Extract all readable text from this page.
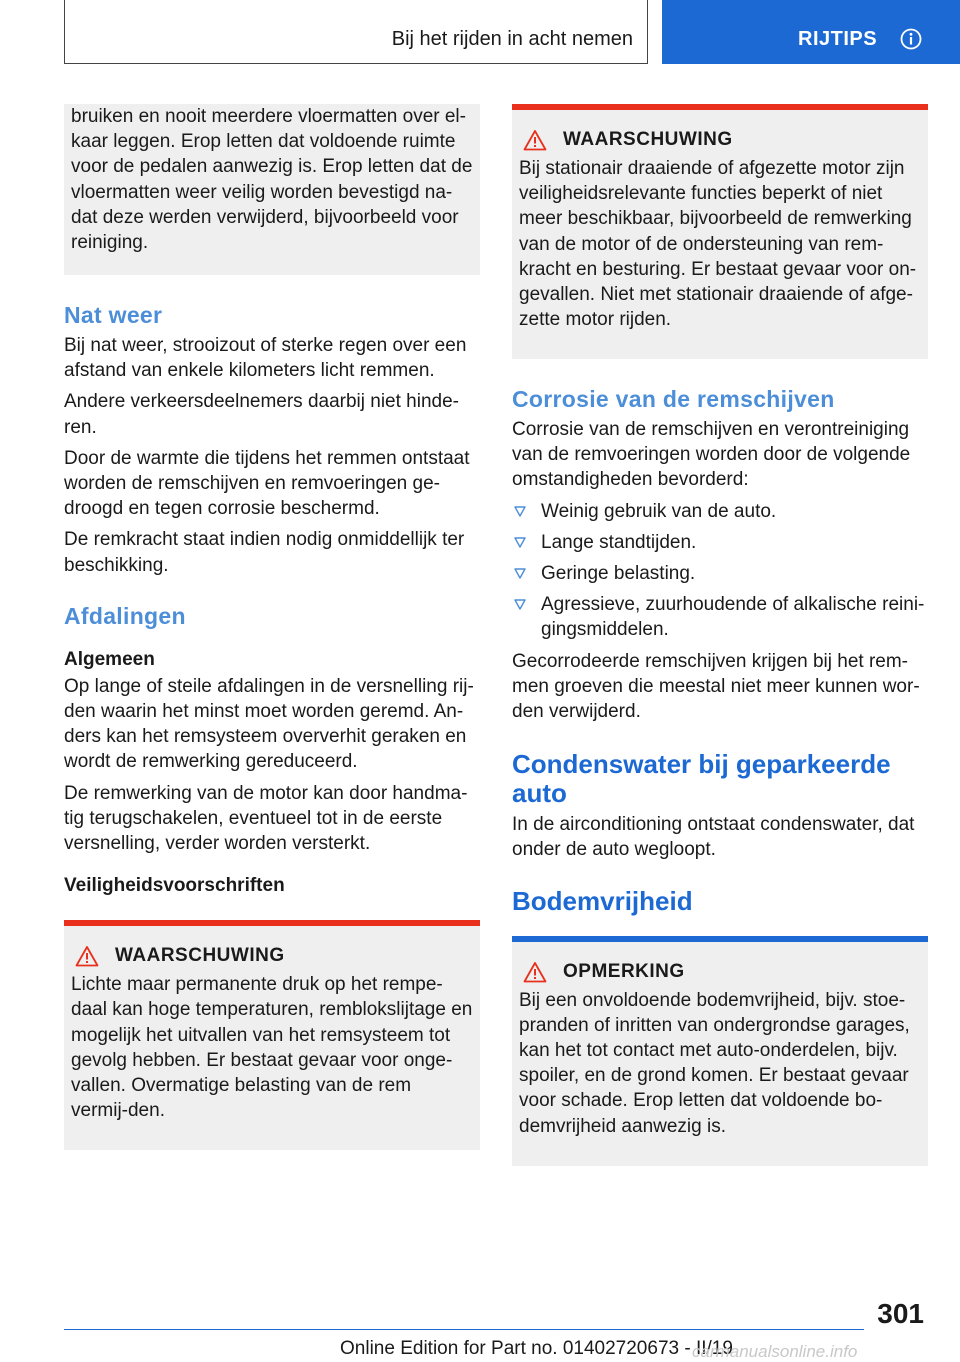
Bij het rijden in acht nemen	RIJTIPS

bruiken en nooit meerdere vloermatten over el-kaar leggen. Erop letten dat voldoende ruimte voor de pedalen aanwezig is. Erop letten dat de vloermatten weer veilig worden bevestigd na-dat deze werden verwijderd, bijvoorbeeld voor reiniging.

Nat weer

Bij nat weer, strooizout of sterke regen over een afstand van enkele kilometers licht remmen.

Andere verkeersdeelnemers daarbij niet hinde-ren.

Door de warmte die tijdens het remmen ontstaat worden de remschijven en remvoeringen ge-droogd en tegen corrosie beschermd.

De remkracht staat indien nodig onmiddellijk ter beschikking.

Afdalingen
Algemeen

Op lange of steile afdalingen in de versnelling rij-den waarin het minst moet worden geremd. An-ders kan het remsysteem oververhit geraken en wordt de remwerking gereduceerd.

De remwerking van de motor kan door handma-tig terugschakelen, eventueel tot in de eerste versnelling, verder worden versterkt.

Veiligheidsvoorschriften
WAARSCHUWING

Lichte maar permanente druk op het rempe-daal kan hoge temperaturen, remblokslijtage en mogelijk het uitvallen van het remsysteem tot gevolg hebben. Er bestaat gevaar voor onge-vallen. Overmatige belasting van de rem vermij-den.

WAARSCHUWING

Bij stationair draaiende of afgezette motor zijn veiligheidsrelevante functies beperkt of niet meer beschikbaar, bijvoorbeeld de remwerking van de motor of de ondersteuning van rem-kracht en besturing. Er bestaat gevaar voor on-gevallen. Niet met stationair draaiende of afge-zette motor rijden.

Corrosie van de remschijven

Corrosie van de remschijven en verontreiniging van de remvoeringen worden door de volgende omstandigheden bevorderd:

Weinig gebruik van de auto.
Lange standtijden.
Geringe belasting.
Agressieve, zuurhoudende of alkalische reini-gingsmiddelen.

Gecorrodeerde remschijven krijgen bij het rem-men groeven die meestal niet meer kunnen wor-den verwijderd.

Condenswater bij geparkeerde auto

In de airconditioning ontstaat condenswater, dat onder de auto wegloopt.

Bodemvrijheid
OPMERKING

Bij een onvoldoende bodemvrijheid, bijv. stoe-pranden of inritten van ondergrondse garages, kan het tot contact met auto-onderdelen, bijv. spoiler, en de grond komen. Er bestaat gevaar voor schade. Erop letten dat voldoende bo-demvrijheid aanwezig is.

301
Online Edition for Part no. 01402720673 - II/19
carmanualsonline.info
